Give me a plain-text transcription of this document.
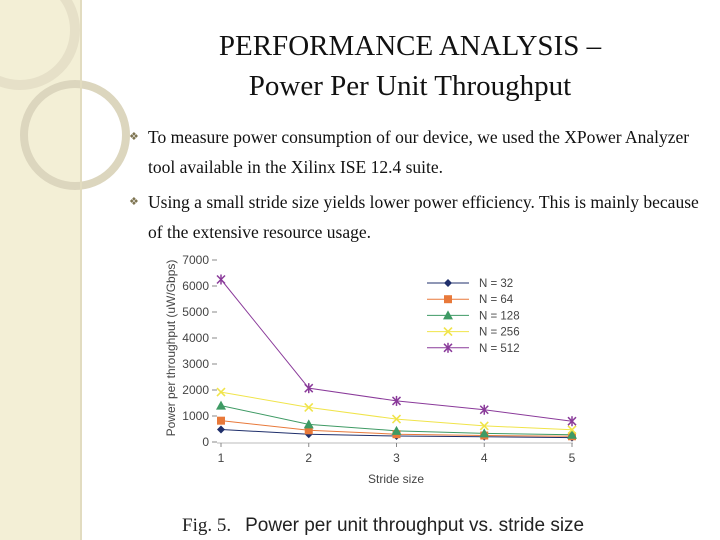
PERFORMANCE ANALYSIS –
Power Per Unit Throughput
❖ To measure power consumption of our device, we used the XPower Analyzer tool available in the Xilinx ISE 12.4 suite.
❖ Using a small stride size yields lower power efficiency. This is mainly because of the extensive resource usage.
0
1000
2000
3000
4000
5000
6000
7000
1	2	3	4	5
N = 32
N = 64
N = 128
N = 256
N = 512
Power per throughput (uW/Gbps)
Stride size
Fig. 5. Power per unit throughput vs. stride size
